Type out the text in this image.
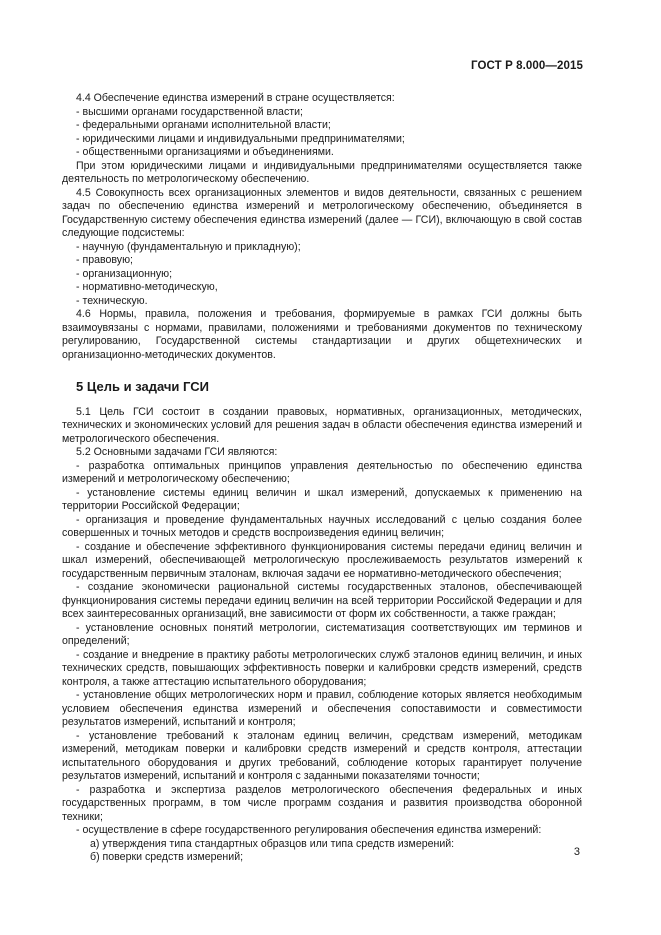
ГОСТ Р 8.000—2015

4.4 Обеспечение единства измерений в стране осуществляется:

- высшими органами государственной власти;

- федеральными органами исполнительной власти;

- юридическими лицами и индивидуальными предпринимателями;

- общественными организациями и объединениями.

При этом юридическими лицами и индивидуальными предпринимателями осуществляется также деятельность по метрологическому обеспечению.

4.5 Совокупность всех организационных элементов и видов деятельности, связанных с решением задач по обеспечению единства измерений и метрологическому обеспечению, объединяется в Государственную систему обеспечения единства измерений (далее — ГСИ), включающую в свой состав следующие подсистемы:

- научную (фундаментальную и прикладную);

- правовую;

- организационную;

- нормативно-методическую,

- техническую.

4.6 Нормы, правила, положения и требования, формируемые в рамках ГСИ должны быть взаимоувязаны с нормами, правилами, положениями и требованиями документов по техническому регулированию, Государственной системы стандартизации и других общетехнических и организационно-методических документов.

5 Цель и задачи ГСИ

5.1 Цель ГСИ состоит в создании правовых, нормативных, организационных, методических, технических и экономических условий для решения задач в области обеспечения единства измерений и метрологического обеспечения.

5.2 Основными задачами ГСИ являются:

- разработка оптимальных принципов управления деятельностью по обеспечению единства измерений и метрологическому обеспечению;

- установление системы единиц величин и шкал измерений, допускаемых к применению на территории Российской Федерации;

- организация и проведение фундаментальных научных исследований с целью создания более совершенных и точных методов и средств воспроизведения единиц величин;

- создание и обеспечение эффективного функционирования системы передачи единиц величин и шкал измерений, обеспечивающей метрологическую прослеживаемость результатов измерений к государственным первичным эталонам, включая задачи ее нормативно-методического обеспечения;

- создание экономически рациональной системы государственных эталонов, обеспечивающей функционирования системы передачи единиц величин на всей территории Российской Федерации и для всех заинтересованных организаций, вне зависимости от форм их собственности, а также граждан;

- установление основных понятий метрологии, систематизация соответствующих им терминов и определений;

- создание и внедрение в практику работы метрологических служб эталонов единиц величин, и иных технических средств, повышающих эффективность поверки и калибровки средств измерений, средств контроля, а также аттестацию испытательного оборудования;

- установление общих метрологических норм и правил, соблюдение которых является необходимым условием обеспечения единства измерений и обеспечения сопоставимости и совместимости результатов измерений, испытаний и контроля;

- установление требований к эталонам единиц величин, средствам измерений, методикам измерений, методикам поверки и калибровки средств измерений и средств контроля, аттестации испытательного оборудования и других требований, соблюдение которых гарантирует получение результатов измерений, испытаний и контроля с заданными показателями точности;

- разработка и экспертиза разделов метрологического обеспечения федеральных и иных государственных программ, в том числе программ создания и развития производства оборонной техники;

- осуществление в сфере государственного регулирования обеспечения единства измерений:

а) утверждения типа стандартных образцов или типа средств измерений:

б) поверки средств измерений;	3
